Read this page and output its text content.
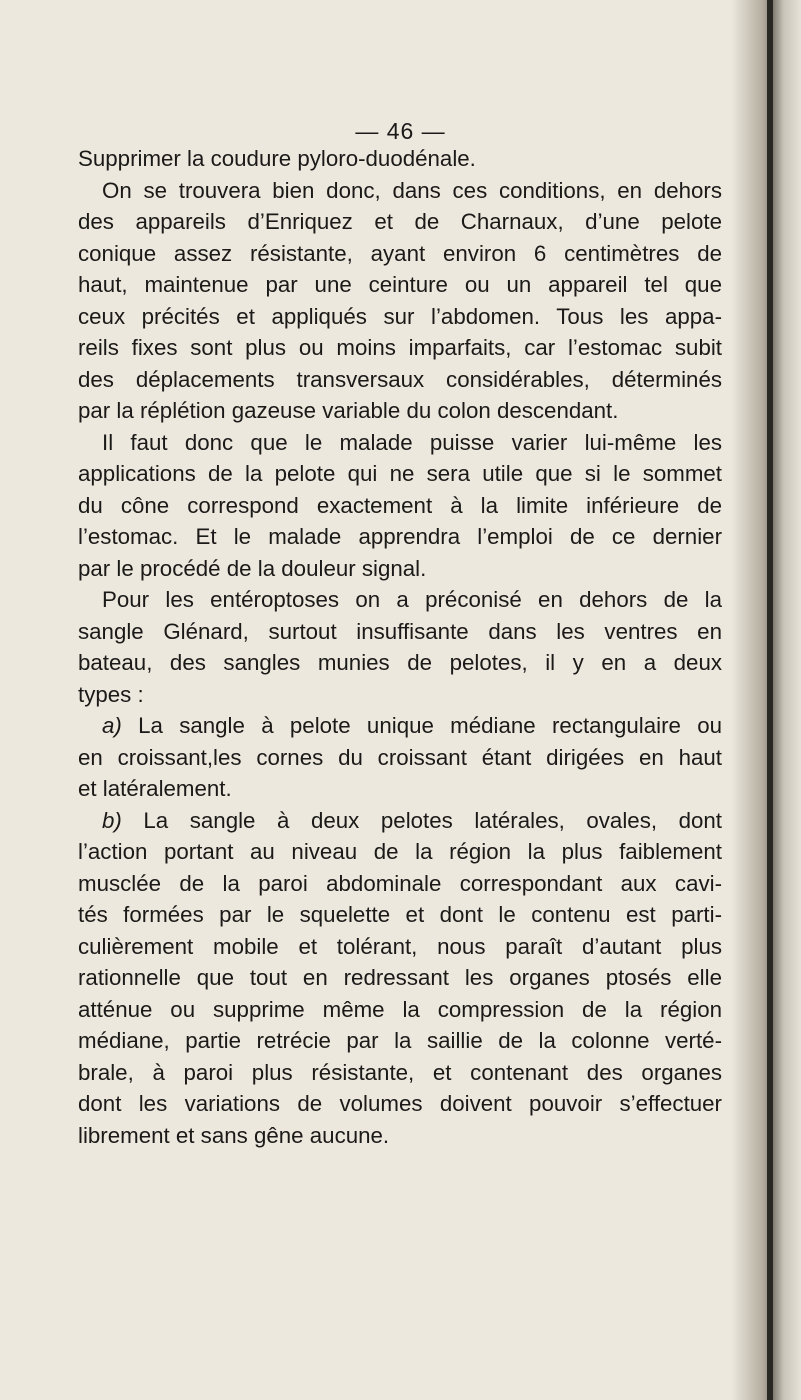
— 46 —
Supprimer la coudure pyloro-duodénale.
On se trouvera bien donc, dans ces conditions, en dehors
des appareils d’Enriquez et de Charnaux, d’une pelote
conique assez résistante, ayant environ 6 centimètres de
haut, maintenue par une ceinture ou un appareil tel que
ceux précités et appliqués sur l’abdomen. Tous les appa-
reils fixes sont plus ou moins imparfaits, car l’estomac subit
des déplacements transversaux considérables, déterminés
par la réplétion gazeuse variable du colon descendant.
Il faut donc que le malade puisse varier lui-même les
applications de la pelote qui ne sera utile que si le sommet
du cône correspond exactement à la limite inférieure de
l’estomac. Et le malade apprendra l’emploi de ce dernier
par le procédé de la douleur signal.
Pour les entéroptoses on a préconisé en dehors de la
sangle Glénard, surtout insuffisante dans les ventres en
bateau, des sangles munies de pelotes, il y en a deux
types :
a) La sangle à pelote unique médiane rectangulaire ou
en croissant,les cornes du croissant étant dirigées en haut
et latéralement.
b) La sangle à deux pelotes latérales, ovales, dont
l’action portant au niveau de la région la plus faiblement
musclée de la paroi abdominale correspondant aux cavi-
tés formées par le squelette et dont le contenu est parti-
culièrement mobile et tolérant, nous paraît d’autant plus
rationnelle que tout en redressant les organes ptosés elle
atténue ou supprime même la compression de la région
médiane, partie retrécie par la saillie de la colonne verté-
brale, à paroi plus résistante, et contenant des organes
dont les variations de volumes doivent pouvoir s’effectuer
librement et sans gêne aucune.
